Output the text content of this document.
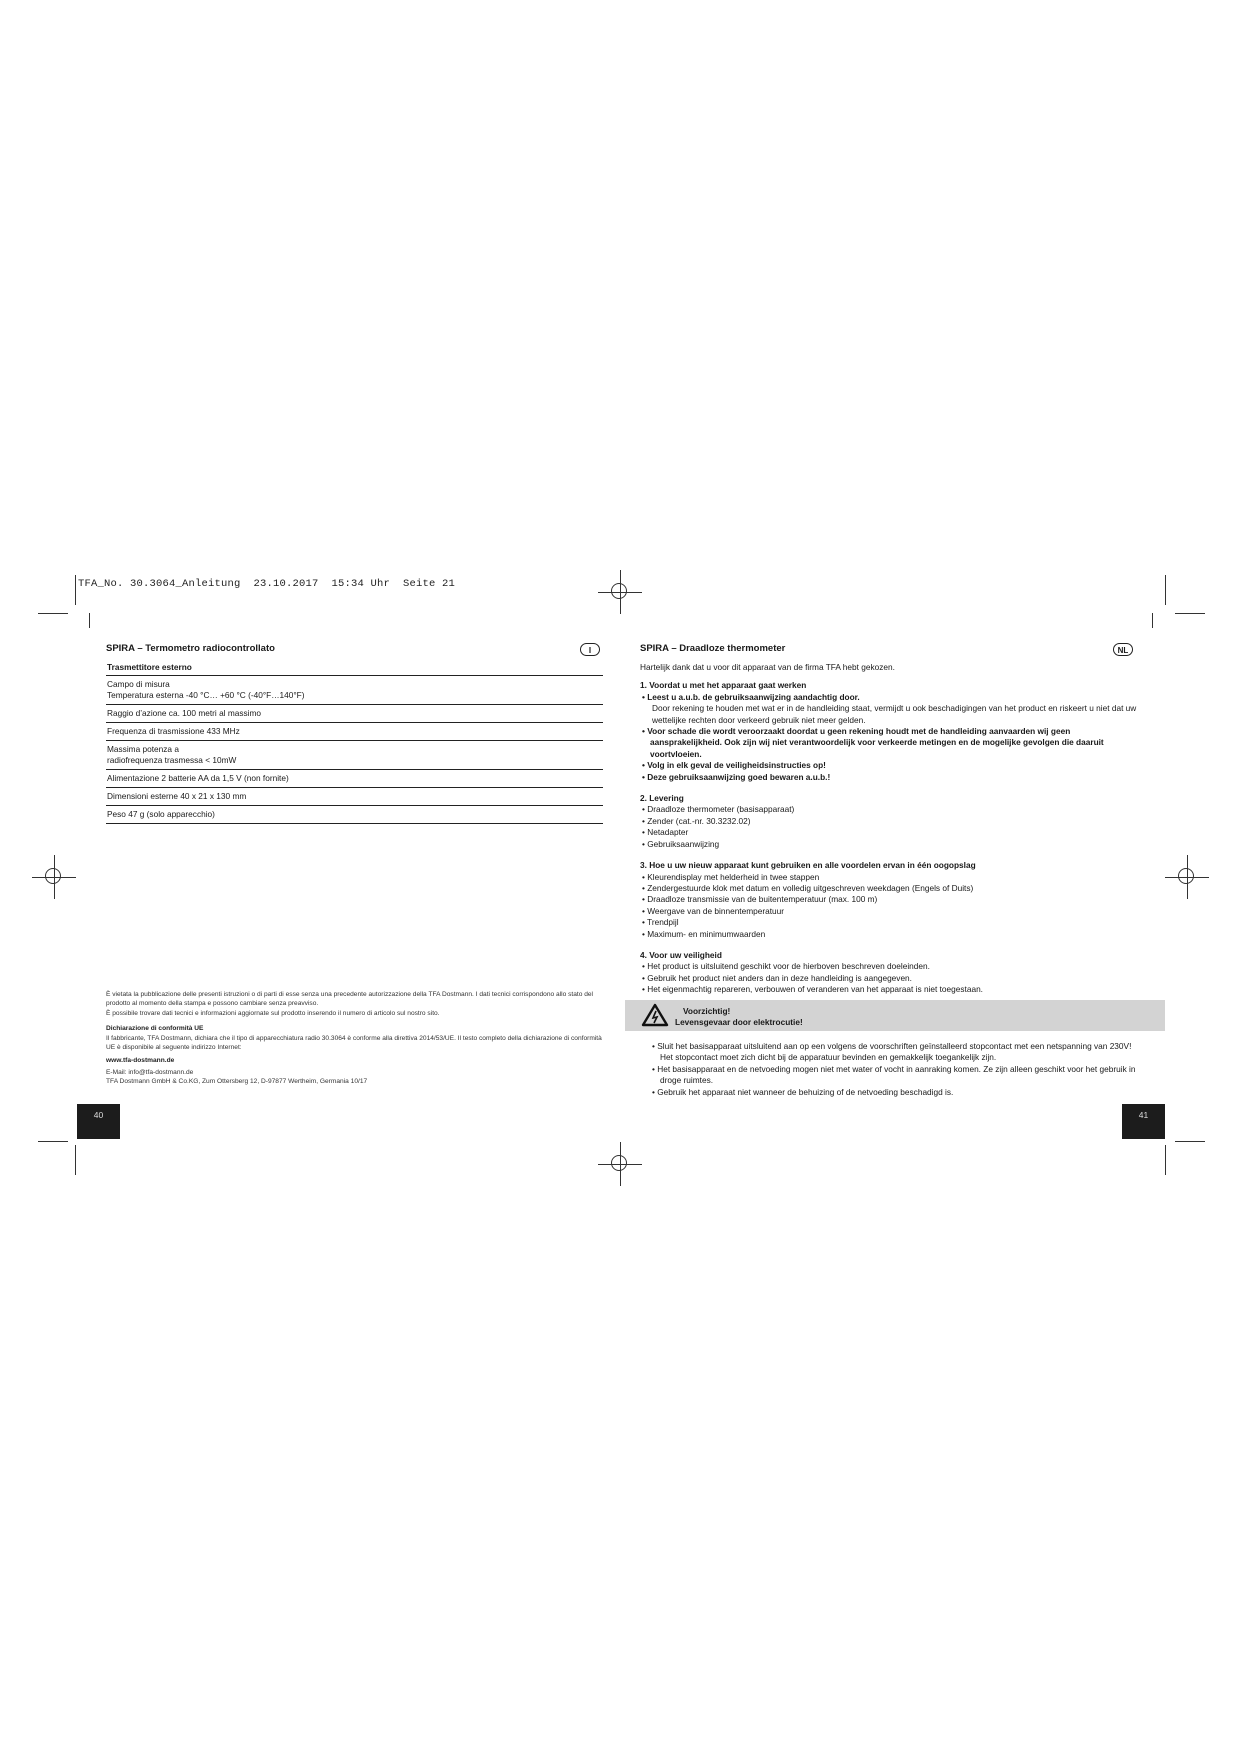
TFA_No. 30.3064_Anleitung  23.10.2017  15:34 Uhr  Seite 21
SPIRA – Termometro radiocontrollato	I
Trasmettitore esterno
Campo di misura
Temperatura esterna -40 °C… +60 °C (-40°F…140°F)
Raggio d’azione ca. 100 metri al massimo
Frequenza di trasmissione 433 MHz
Massima potenza a
radiofrequenza trasmessa < 10mW
Alimentazione 2 batterie AA da 1,5 V (non fornite)
Dimensioni esterne 40 x 21 x 130 mm
Peso 47 g (solo apparecchio)
È vietata la pubblicazione delle presenti istruzioni o di parti di esse senza una precedente autorizzazione della TFA Dostmann. I dati tecnici corrispondono allo stato del prodotto al momento della stampa e possono cambiare senza preavviso.
È possibile trovare dati tecnici e informazioni aggiornate sul prodotto inserendo il numero di articolo sul nostro sito.
Dichiarazione di conformità UE
Il fabbricante, TFA Dostmann, dichiara che il tipo di apparecchiatura radio 30.3064 è conforme alla direttiva 2014/53/UE. Il testo completo della dichiarazione di conformità UE è disponibile al seguente indirizzo Internet:
www.tfa-dostmann.de
E-Mail: info@tfa-dostmann.de
TFA Dostmann GmbH & Co.KG, Zum Ottersberg 12, D-97877 Wertheim, Germania 10/17
40
SPIRA – Draadloze thermometer	NL
Hartelijk dank dat u voor dit apparaat van de firma TFA hebt gekozen.
1. Voordat u met het apparaat gaat werken
• Leest u a.u.b. de gebruiksaanwijzing aandachtig door.
Door rekening te houden met wat er in de handleiding staat, vermijdt u ook beschadigingen van het product en riskeert u niet dat uw wettelijke rechten door verkeerd gebruik niet meer gelden.
• Voor schade die wordt veroorzaakt doordat u geen rekening houdt met de handleiding aanvaarden wij geen aansprakelijkheid. Ook zijn wij niet verantwoordelijk voor verkeerde metingen en de mogelijke gevolgen die daaruit voortvloeien.
• Volg in elk geval de veiligheidsinstructies op!
• Deze gebruiksaanwijzing goed bewaren a.u.b.!
2. Levering
• Draadloze thermometer (basisapparaat)
• Zender (cat.-nr. 30.3232.02)
• Netadapter
• Gebruiksaanwijzing
3. Hoe u uw nieuw apparaat kunt gebruiken en alle voordelen ervan in één oogopslag
• Kleurendisplay met helderheid in twee stappen
• Zendergestuurde klok met datum en volledig uitgeschreven weekdagen (Engels of Duits)
• Draadloze transmissie van de buitentemperatuur (max. 100 m)
• Weergave van de binnentemperatuur
• Trendpijl
• Maximum- en minimumwaarden
4. Voor uw veiligheid
• Het product is uitsluitend geschikt voor de hierboven beschreven doeleinden.
• Gebruik het product niet anders dan in deze handleiding is aangegeven.
• Het eigenmachtig repareren, verbouwen of veranderen van het apparaat is niet toegestaan.
Voorzichtig!
Levensgevaar door elektrocutie!
• Sluit het basisapparaat uitsluitend aan op een volgens de voorschriften geïnstalleerd stopcontact met een netspanning van 230V! Het stopcontact moet zich dicht bij de apparatuur bevinden en gemakkelijk toegankelijk zijn.
• Het basisapparaat en de netvoeding mogen niet met water of vocht in aanraking komen. Ze zijn alleen geschikt voor het gebruik in droge ruimtes.
• Gebruik het apparaat niet wanneer de behuizing of de netvoeding beschadigd is.
41
